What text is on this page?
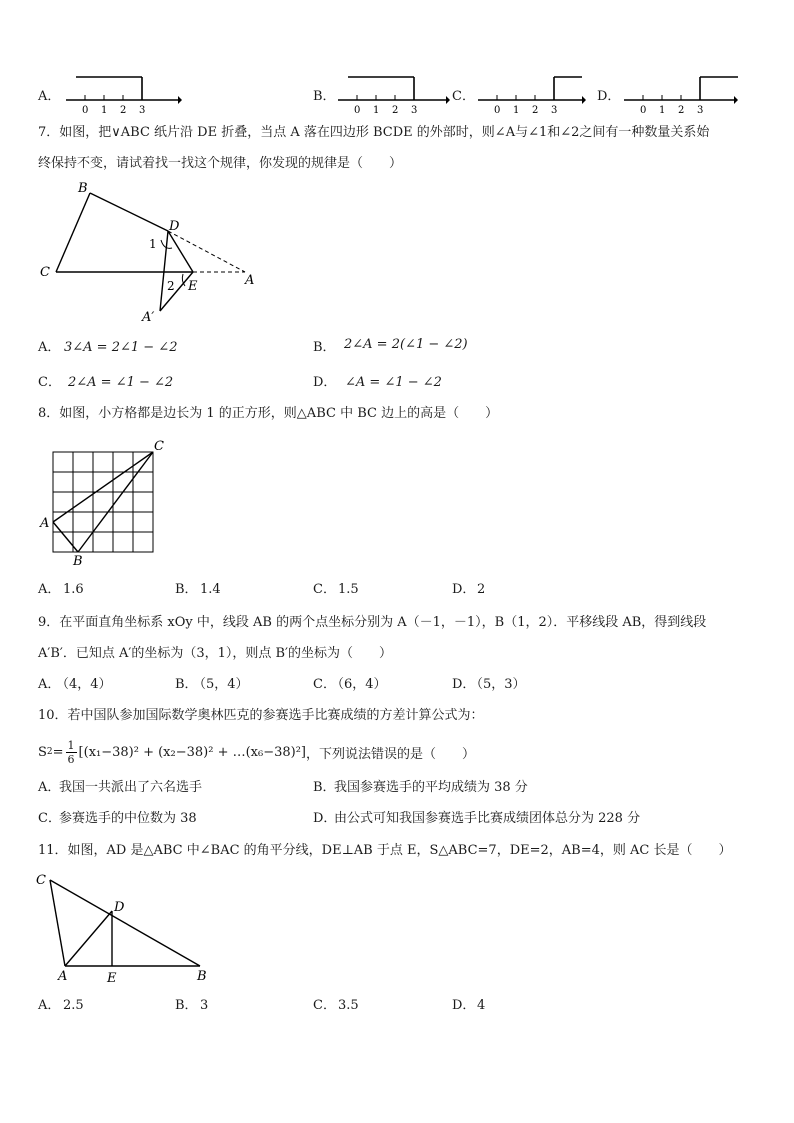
A．
0 1 2 3
B．
0 1 2 3
C．
0 1 2 3
D．
0 1 2 3
7．如图，把∨ABC 纸片沿 DE 折叠，当点 A 落在四边形 BCDE 的外部时，则∠A与∠1和∠2之间有一种数量关系始
终保持不变，请试着找一找这个规律，你发现的规律是（　　）
B
D
1
C
A
2 E
A′
A． 3∠A = 2∠1 − ∠2	B． 2∠A = 2(∠1 − ∠2)
C． 2∠A = ∠1 − ∠2	D． ∠A = ∠1 − ∠2
8．如图，小方格都是边长为 1 的正方形，则△ABC 中 BC 边上的高是（　　）
C
A
B
A． 1.6	B． 1.4	C． 1.5	D． 2
9．在平面直角坐标系 xOy 中，线段 AB 的两个点坐标分别为 A（－1，－1），B（1，2）．平移线段 AB，得到线段
A′B′．已知点 A′的坐标为（3，1），则点 B′的坐标为（　　）
A．
（4，4）	B．
（5，4）	C．
（6，4）	D．
（5，3）
10．若中国队参加国际数学奥林匹克的参赛选手比赛成绩的方差计算公式为：
S $2 = \frac{1}{6} [(x_1-38)^2 + (x_2-38)^2$ + …(x₆−38)²] ，下列说法错误的是（　　）
A．
我国一共派出了六名选手	B．
我国参赛选手的平均成绩为 38 分
C．
参赛选手的中位数为 38	D．
由公式可知我国参赛选手比赛成绩团体总分为 228 分
11．如图，AD 是△ABC 中∠BAC 的角平分线，DE⊥AB 于点 E，S△ABC=7，DE=2，AB=4，则 AC 长是（　　）
C
D
A	E	B
A． 2.5	B． 3	C． 3.5	D． 4
